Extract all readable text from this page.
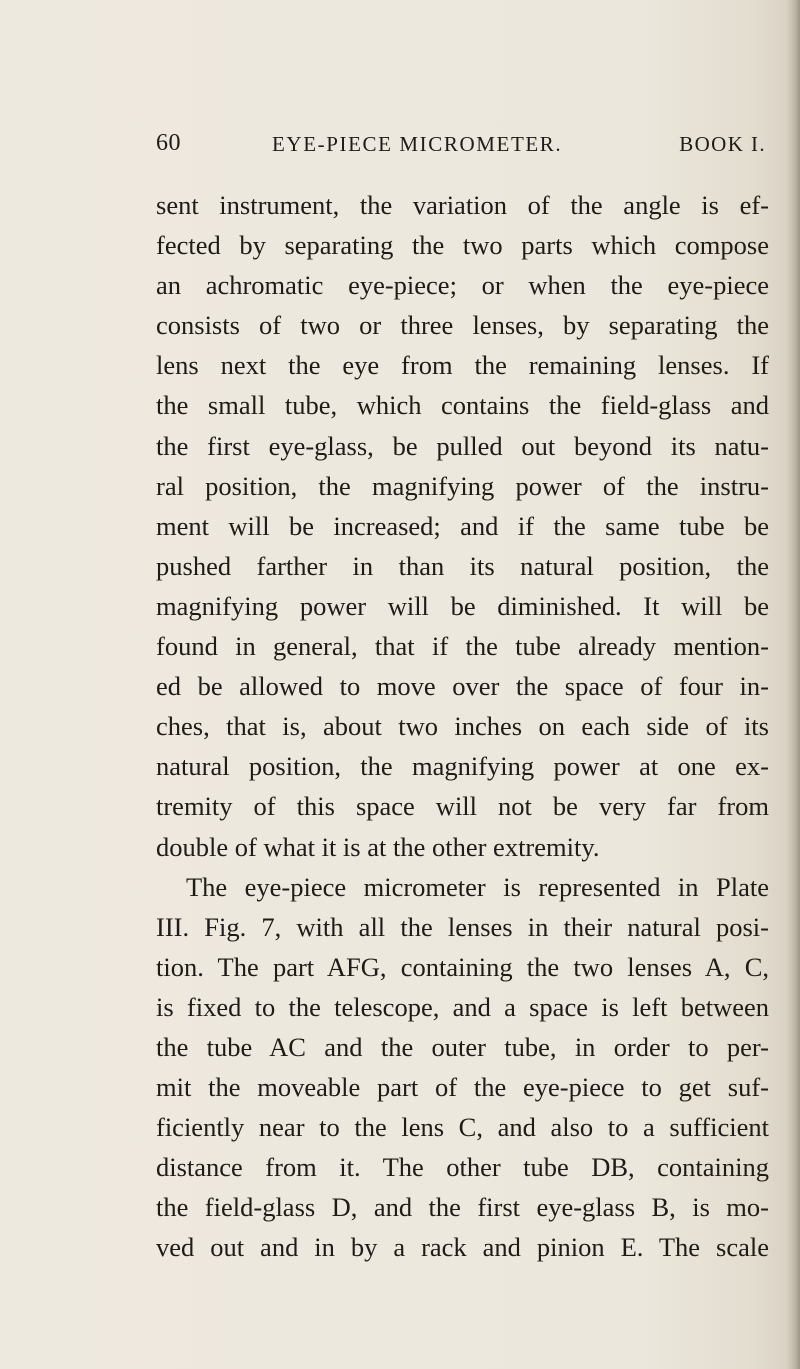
60	EYE-PIECE MICROMETER.	BOOK I.
sent instrument, the variation of the angle is ef-
fected by separating the two parts which compose
an achromatic eye-piece; or when the eye-piece
consists of two or three lenses, by separating the
lens next the eye from the remaining lenses. If
the small tube, which contains the field-glass and
the first eye-glass, be pulled out beyond its natu-
ral position, the magnifying power of the instru-
ment will be increased; and if the same tube be
pushed farther in than its natural position, the
magnifying power will be diminished. It will be
found in general, that if the tube already mention-
ed be allowed to move over the space of four in-
ches, that is, about two inches on each side of its
natural position, the magnifying power at one ex-
tremity of this space will not be very far from
double of what it is at the other extremity.
The eye-piece micrometer is represented in Plate
III. Fig. 7, with all the lenses in their natural posi-
tion. The part AFG, containing the two lenses A, C,
is fixed to the telescope, and a space is left between
the tube AC and the outer tube, in order to per-
mit the moveable part of the eye-piece to get suf-
ficiently near to the lens C, and also to a sufficient
distance from it. The other tube DB, containing
the field-glass D, and the first eye-glass B, is mo-
ved out and in by a rack and pinion E. The scale
